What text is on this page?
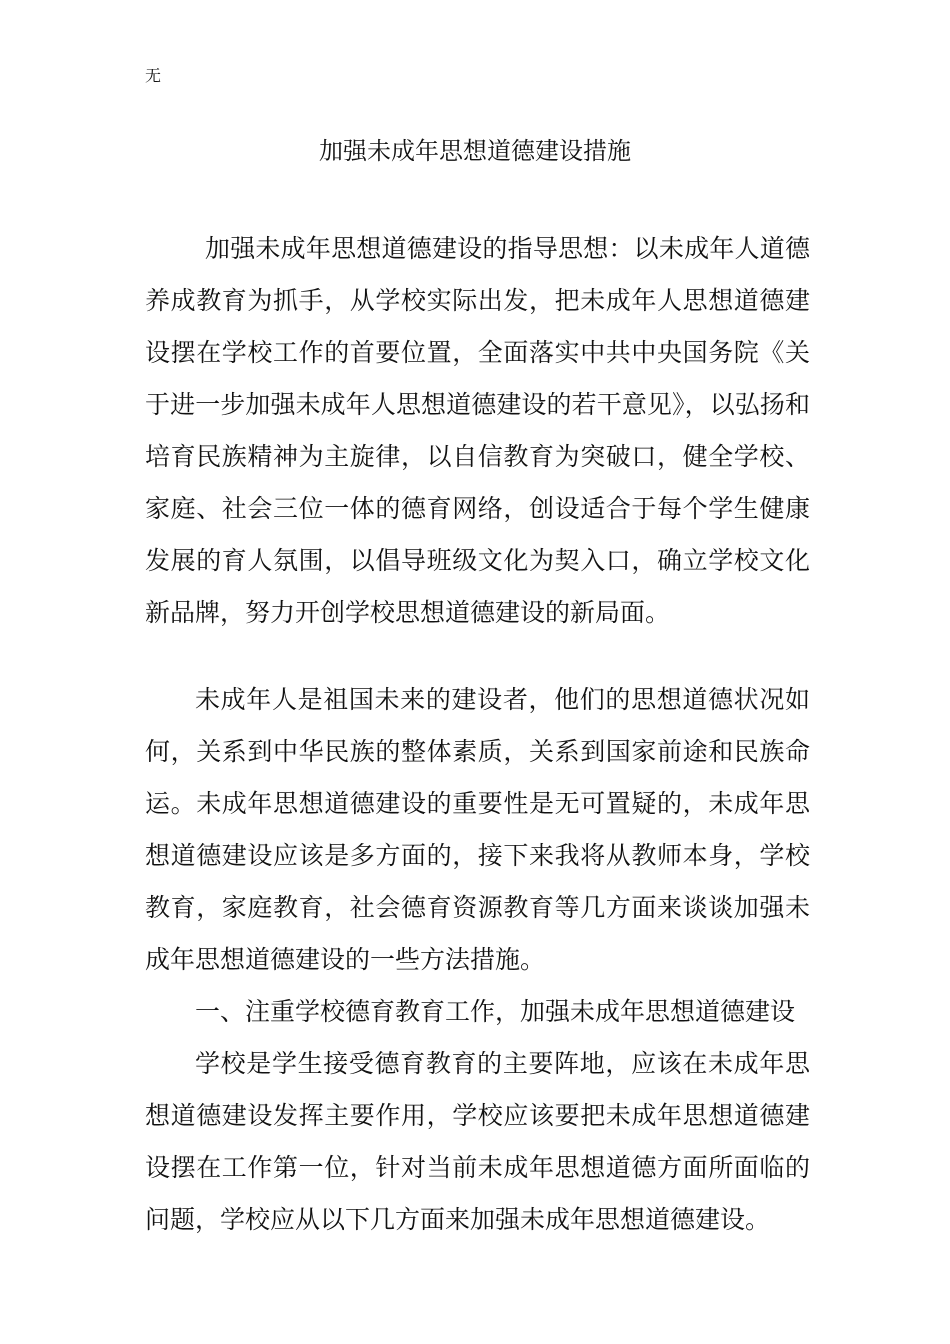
无
加强未成年思想道德建设措施

加强未成年思想道德建设的指导思想：以未成年人道德养成教育为抓手，从学校实际出发，把未成年人思想道德建设摆在学校工作的首要位置，全面落实中共中央国务院《关于进一步加强未成年人思想道德建设的若干意见》，以弘扬和培育民族精神为主旋律，以自信教育为突破口，健全学校、家庭、社会三位一体的德育网络，创设适合于每个学生健康发展的育人氛围，以倡导班级文化为契入口，确立学校文化新品牌，努力开创学校思想道德建设的新局面。

未成年人是祖国未来的建设者，他们的思想道德状况如何，关系到中华民族的整体素质，关系到国家前途和民族命运。未成年思想道德建设的重要性是无可置疑的，未成年思想道德建设应该是多方面的，接下来我将从教师本身，学校教育，家庭教育，社会德育资源教育等几方面来谈谈加强未成年思想道德建设的一些方法措施。

一、注重学校德育教育工作，加强未成年思想道德建设

学校是学生接受德育教育的主要阵地，应该在未成年思想道德建设发挥主要作用，学校应该要把未成年思想道德建设摆在工作第一位，针对当前未成年思想道德方面所面临的问题，学校应从以下几方面来加强未成年思想道德建设。
